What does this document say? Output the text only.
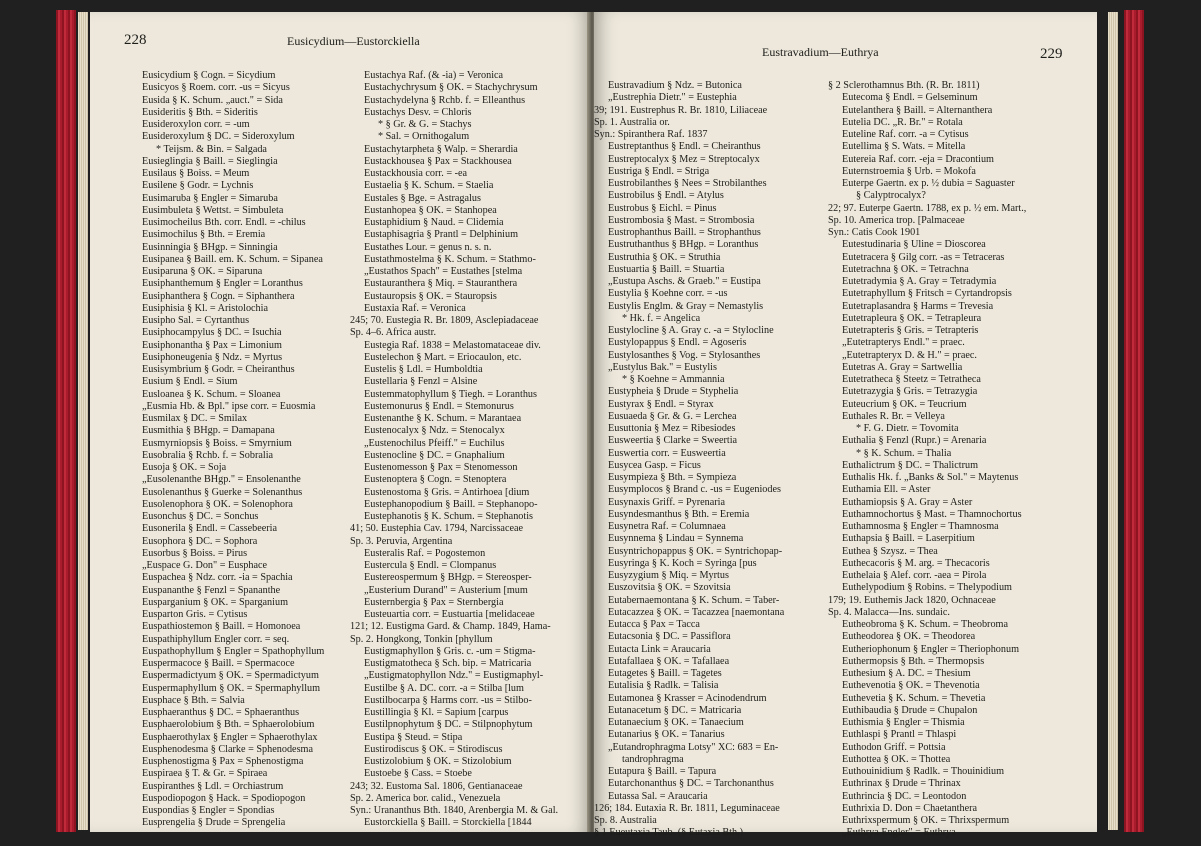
228	Eusicydium—Eustorckiella
Eusicydium § Cogn. = Sicydium
Eusicyos § Roem. corr. -us = Sicyus
Eusida § K. Schum. „auct." = Sida
Eusideritis § Bth. = Sideritis
Eusideroxylon corr. = -um
Eusideroxylum § DC. = Sideroxylum
* Teijsm. & Bin. = Salgada
Eusieglingia § Baill. = Sieglingia
Eusilaus § Boiss. = Meum
Eusilene § Godr. = Lychnis
Eusimaruba § Engler = Simaruba
Eusimbuleta § Wettst. = Simbuleta
Eusimocheilus Bth. corr. Endl. = -chilus
Eusimochilus § Bth. = Eremia
Eusinningia § BHgp. = Sinningia
Eusipanea § Baill. em. K. Schum. = Sipanea
Eusiparuna § OK. = Siparuna
Eusiphanthemum § Engler = Loranthus
Eusiphanthera § Cogn. = Siphanthera
Eusiphisia § Kl. = Aristolochia
Eusipho Sal. = Cyrtanthus
Eusiphocampylus § DC. = Isuchia
Eusiphonantha § Pax = Limonium
Eusiphoneugenia § Ndz. = Myrtus
Eusisymbrium § Godr. = Cheiranthus
Eusium § Endl. = Sium
Eusloanea § K. Schum. = Sloanea
„Eusmia Hb. & Bpl." ipse corr. = Euosmia
Eusmilax § DC. = Smilax
Eusmithia § BHgp. = Damapana
Eusmyrniopsis § Boiss. = Smyrnium
Eusobralia § Rchb. f. = Sobralia
Eusoja § OK. = Soja
„Eusolenanthe BHgp." = Ensolenanthe
Eusolenanthus § Guerke = Solenanthus
Eusolenophora § OK. = Solenophora
Eusonchus § DC. = Sonchus
Eusonerila § Endl. = Cassebeeria
Eusophora § DC. = Sophora
Eusorbus § Boiss. = Pirus
„Euspace G. Don" = Eusphace
Euspachea § Ndz. corr. -ia = Spachia
Euspananthe § Fenzl = Spananthe
Eusparganium § OK. = Sparganium
Eusparton Gris. = Cytisus
Euspathiostemon § Baill. = Homonoea
Euspathiphyllum Engler corr. = seq.
Euspathophyllum § Engler = Spathophyllum
Euspermacoce § Baill. = Spermacoce
Euspermadictyum § OK. = Spermadictyum
Euspermaphyllum § OK. = Spermaphyllum
Eusphace § Bth. = Salvia
Eusphaeranthus § DC. = Sphaeranthus
Eusphaerolobium § Bth. = Sphaerolobium
Eusphaerothylax § Engler = Sphaerothylax
Eusphenodesma § Clarke = Sphenodesma
Eusphenostigma § Pax = Sphenostigma
Euspiraea § T. & Gr. = Spiraea
Euspiranthes § Ldl. = Orchiastrum
Euspodiopogon § Hack. = Spodiopogon
Euspondias § Engler = Spondias
Eusprengelia § Drude = Sprengelia
Eustachya Raf. (& -ia) = Veronica
Eustachychrysum § OK. = Stachychrysum
Eustachydelyna § Rchb. f. = Elleanthus
Eustachys Desv. = Chloris
* § Gr. & G. = Stachys
* Sal. = Ornithogalum
Eustachytarpheta § Walp. = Sherardia
Eustackhousea § Pax = Stackhousea
Eustackhousia corr. = -ea
Eustaelia § K. Schum. = Staelia
Eustales § Bge. = Astragalus
Eustanhopea § OK. = Stanhopea
Eustaphidium § Naud. = Clidemia
Eustaphisagria § Prantl = Delphinium
Eustathes Lour. = genus n. s. n.
Eustathmostelma § K. Schum. = Stathmo-
„Eustathos Spach" = Eustathes [stelma
Eustauranthera § Miq. = Stauranthera
Eustauropsis § OK. = Stauropsis
Eustaxia Raf. = Veronica
245; 70. Eustegia R. Br. 1809, Asclepiadaceae
Sp. 4–6. Africa austr.
Eustegia Raf. 1838 = Melastomataceae div.
Eustelechon § Mart. = Eriocaulon, etc.
Eustelis § Ldl. = Humboldtia
Eustellaria § Fenzl = Alsine
Eustemmatophyllum § Tiegh. = Loranthus
Eustemonurus § Endl. = Stemonurus
Eustenanthe § K. Schum. = Marantaea
Eustenocalyx § Ndz. = Stenocalyx
„Eustenochilus Pfeiff." = Euchilus
Eustenocline § DC. = Gnaphalium
Eustenomesson § Pax = Stenomesson
Eustenoptera § Cogn. = Stenoptera
Eustenostoma § Gris. = Antirhoea [dium
Eustephanopodium § Baill. = Stephanopo-
Eustephanotis § K. Schum. = Stephanotis
41; 50. Eustephia Cav. 1794, Narcissaceae
Sp. 3. Peruvia, Argentina
Eusteralis Raf. = Pogostemon
Eustercula § Endl. = Clompanus
Eustereospermum § BHgp. = Stereosper-
„Eusterium Durand" = Austerium [mum
Eusternbergia § Pax = Sternbergia
Eusteuartia corr. = Eustuartia [melidaceae
121; 12. Eustigma Gard. & Champ. 1849, Hama-
Sp. 2. Hongkong, Tonkin [phyllum
Eustigmaphyllon § Gris. c. -um = Stigma-
Eustigmatotheca § Sch. bip. = Matricaria
„Eustigmatophyllon Ndz." = Eustigmaphyl-
Eustilbe § A. DC. corr. -a = Stilba [lum
Eustilbocarpa § Harms corr. -us = Stilbo-
Eustillingia § Kl. = Sapium [carpus
Eustilpnophytum § DC. = Stilpnophytum
Eustipa § Steud. = Stipa
Eustirodiscus § OK. = Stirodiscus
Eustizolobium § OK. = Stizolobium
Eustoebe § Cass. = Stoebe
243; 32. Eustoma Sal. 1806, Gentianaceae
Sp. 2. America bor. calid., Venezuela
Syn.: Urananthus Bth. 1840, Arenbergia M. & Gal.
Eustorckiella § Baill. = Storckiella [1844
Eustravadium—Euthrya	229
Eustravadium § Ndz. = Butonica
„Eustrephia Dietr." = Eustephia
39; 191. Eustrephus R. Br. 1810, Liliaceae
Sp. 1. Australia or.
Syn.: Spiranthera Raf. 1837
Eustreptanthus § Endl. = Cheiranthus
Eustreptocalyx § Mez = Streptocalyx
Eustriga § Endl. = Striga
Eustrobilanthes § Nees = Strobilanthes
Eustrobilus § Endl. = Atylus
Eustrobus § Eichl. = Pinus
Eustrombosia § Mast. = Strombosia
Eustrophanthus Baill. = Strophanthus
Eustruthanthus § BHgp. = Loranthus
Eustruthia § OK. = Struthia
Eustuartia § Baill. = Stuartia
„Eustupa Aschs. & Graeb." = Eustipa
Eustylia § Koehne corr. = -us
Eustylis Englm. & Gray = Nemastylis
* Hk. f. = Angelica
Eustylocline § A. Gray c. -a = Stylocline
Eustylopappus § Endl. = Agoseris
Eustylosanthes § Vog. = Stylosanthes
„Eustylus Bak." = Eustylis
* § Koehne = Ammannia
Eustypheia § Drude = Styphelia
Eustyrax § Endl. = Styrax
Eusuaeda § Gr. & G. = Lerchea
Eusuttonia § Mez = Ribesiodes
Eusweertia § Clarke = Sweertia
Euswertia corr. = Eusweertia
Eusycea Gasp. = Ficus
Eusympieza § Bth. = Sympieza
Eusymplocos § Brand c. -us = Eugeniodes
Eusynaxis Griff. = Pyrenaria
Eusyndesmanthus § Bth. = Eremia
Eusynetra Raf. = Columnaea
Eusynnema § Lindau = Synnema
Eusyntrichopappus § OK. = Syntrichopap-
Eusyringa § K. Koch = Syringa [pus
Eusyzygium § Miq. = Myrtus
Euszovitsia § OK. = Szovitsia
Eutabernaemontana § K. Schum. = Taber-
Eutacazzea § OK. = Tacazzea [naemontana
Eutacca § Pax = Tacca
Eutacsonia § DC. = Passiflora
Eutacta Link = Araucaria
Eutafallaea § OK. = Tafallaea
Eutagetes § Baill. = Tagetes
Eutalisia § Radlk. = Talisia
Eutamonea § Krasser = Acinodendrum
Eutanacetum § DC. = Matricaria
Eutanaecium § OK. = Tanaecium
Eutanarius § OK. = Tanarius
„Eutandrophragma Lotsy" XC: 683 = En-
tandrophragma
Eutapura § Baill. = Tapura
Eutarchonanthus § DC. = Tarchonanthus
Eutassa Sal. = Araucaria
126; 184. Eutaxia R. Br. 1811, Leguminaceae
Sp. 8. Australia
§ 1 Eueutaxia Taub. (§ Eutaxia Bth.)
§ 2 Sclerothamnus Bth. (R. Br. 1811)
Eutecoma § Endl. = Gelseminum
Eutelanthera § Baill. = Alternanthera
Eutelia DC. „R. Br." = Rotala
Euteline Raf. corr. -a = Cytisus
Eutellima § S. Wats. = Mitella
Eutereia Raf. corr. -eja = Dracontium
Euternstroemia § Urb. = Mokofa
Euterpe Gaertn. ex p. ½ dubia = Saguaster
§ Calyptrocalyx?
22; 97. Euterpe Gaertn. 1788, ex p. ½ em. Mart.,
Sp. 10. America trop. [Palmaceae
Syn.: Catis Cook 1901
Eutestudinaria § Uline = Dioscorea
Eutetracera § Gilg corr. -as = Tetraceras
Eutetrachna § OK. = Tetrachna
Eutetradymia § A. Gray = Tetradymia
Eutetraphyllum § Fritsch = Cyrtandropsis
Eutetraplasandra § Harms = Trevesia
Eutetrapleura § OK. = Tetrapleura
Eutetrapteris § Gris. = Tetrapteris
„Eutetrapterys Endl." = praec.
„Eutetrapteryx D. & H." = praec.
Eutetras A. Gray = Sartwellia
Eutetratheca § Steetz = Tetratheca
Eutetrazygia § Gris. = Tetrazygia
Euteucrium § OK. = Teucrium
Euthales R. Br. = Velleya
* F. G. Dietr. = Tovomita
Euthalia § Fenzl (Rupr.) = Arenaria
* § K. Schum. = Thalia
Euthalictrum § DC. = Thalictrum
Euthalis Hk. f. „Banks & Sol." = Maytenus
Euthamia Ell. = Aster
Euthamiopsis § A. Gray = Aster
Euthamnochortus § Mast. = Thamnochortus
Euthamnosma § Engler = Thamnosma
Euthapsia § Baill. = Laserpitium
Euthea § Szysz. = Thea
Euthecacoris § M. arg. = Thecacoris
Euthelaia § Alef. corr. -aea = Pirola
Euthelypodium § Robins. = Thelypodium
179; 19. Euthemis Jack 1820, Ochnaceae
Sp. 4. Malacca—Ins. sundaic.
Eutheobroma § K. Schum. = Theobroma
Eutheodorea § OK. = Theodorea
Eutheriophonum § Engler = Theriophonum
Euthermopsis § Bth. = Thermopsis
Euthesium § A. DC. = Thesium
Euthevenotia § OK. = Thevenotia
Euthevetia § K. Schum. = Thevetia
Euthibaudia § Drude = Chupalon
Euthismia § Engler = Thismia
Euthlaspi § Prantl = Thlaspi
Euthodon Griff. = Pottsia
Euthottea § OK. = Thottea
Euthouinidium § Radlk. = Thouinidium
Euthrinax § Drude = Thrinax
Euthrincia § DC. = Leontodon
Euthrixia D. Don = Chaetanthera
Euthrixspermum § OK. = Thrixspermum
„Euthrya Engler" = Euthrya
